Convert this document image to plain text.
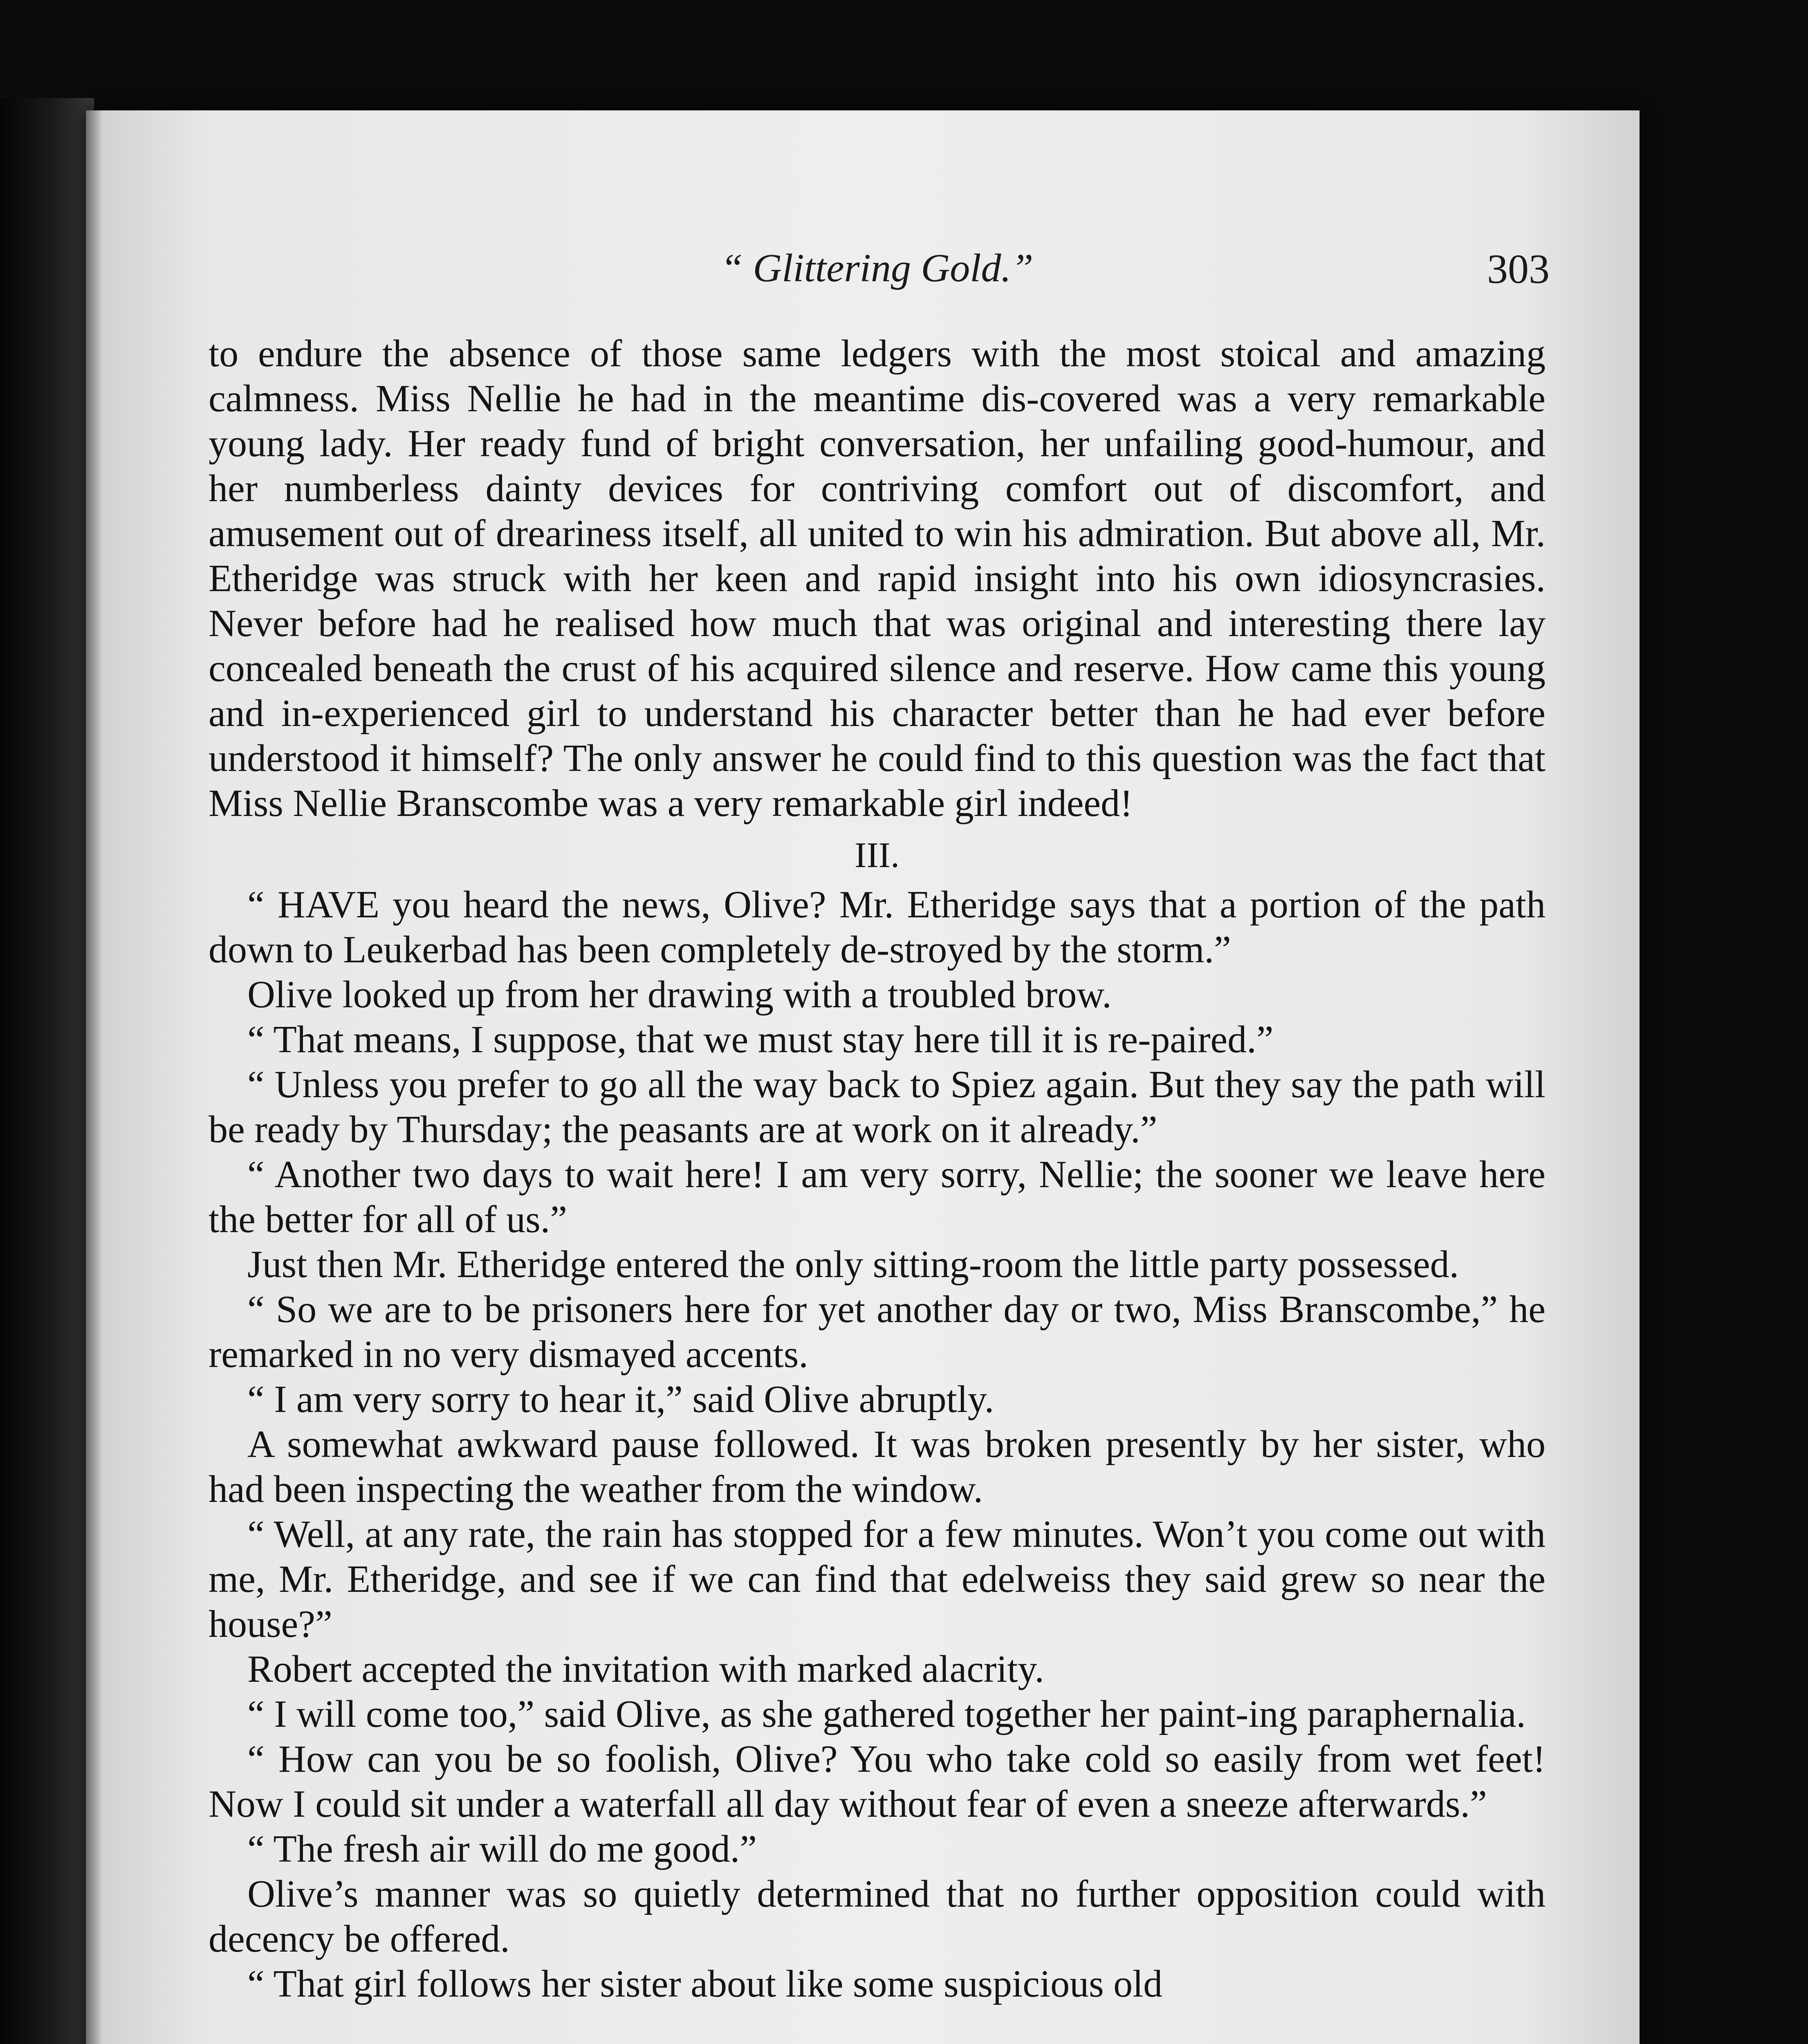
“ Glittering Gold.”	303

to endure the absence of those same ledgers with the most stoical and amazing calmness. Miss Nellie he had in the meantime dis-covered was a very remarkable young lady. Her ready fund of bright conversation, her unfailing good-humour, and her numberless dainty devices for contriving comfort out of discomfort, and amusement out of dreariness itself, all united to win his admiration. But above all, Mr. Etheridge was struck with her keen and rapid insight into his own idiosyncrasies. Never before had he realised how much that was original and interesting there lay concealed beneath the crust of his acquired silence and reserve. How came this young and in-experienced girl to understand his character better than he had ever before understood it himself? The only answer he could find to this question was the fact that Miss Nellie Branscombe was a very remarkable girl indeed!

III.

“ HAVE you heard the news, Olive? Mr. Etheridge says that a portion of the path down to Leukerbad has been completely de-stroyed by the storm.”

Olive looked up from her drawing with a troubled brow.

“ That means, I suppose, that we must stay here till it is re-paired.”

“ Unless you prefer to go all the way back to Spiez again. But they say the path will be ready by Thursday; the peasants are at work on it already.”

“ Another two days to wait here! I am very sorry, Nellie; the sooner we leave here the better for all of us.”

Just then Mr. Etheridge entered the only sitting-room the little party possessed.

“ So we are to be prisoners here for yet another day or two, Miss Branscombe,” he remarked in no very dismayed accents.

“ I am very sorry to hear it,” said Olive abruptly.

A somewhat awkward pause followed. It was broken presently by her sister, who had been inspecting the weather from the window.

“ Well, at any rate, the rain has stopped for a few minutes. Won’t you come out with me, Mr. Etheridge, and see if we can find that edelweiss they said grew so near the house?”

Robert accepted the invitation with marked alacrity.

“ I will come too,” said Olive, as she gathered together her paint-ing paraphernalia.

“ How can you be so foolish, Olive? You who take cold so easily from wet feet! Now I could sit under a waterfall all day without fear of even a sneeze afterwards.”

“ The fresh air will do me good.”

Olive’s manner was so quietly determined that no further opposition could with decency be offered.

“ That girl follows her sister about like some suspicious old
